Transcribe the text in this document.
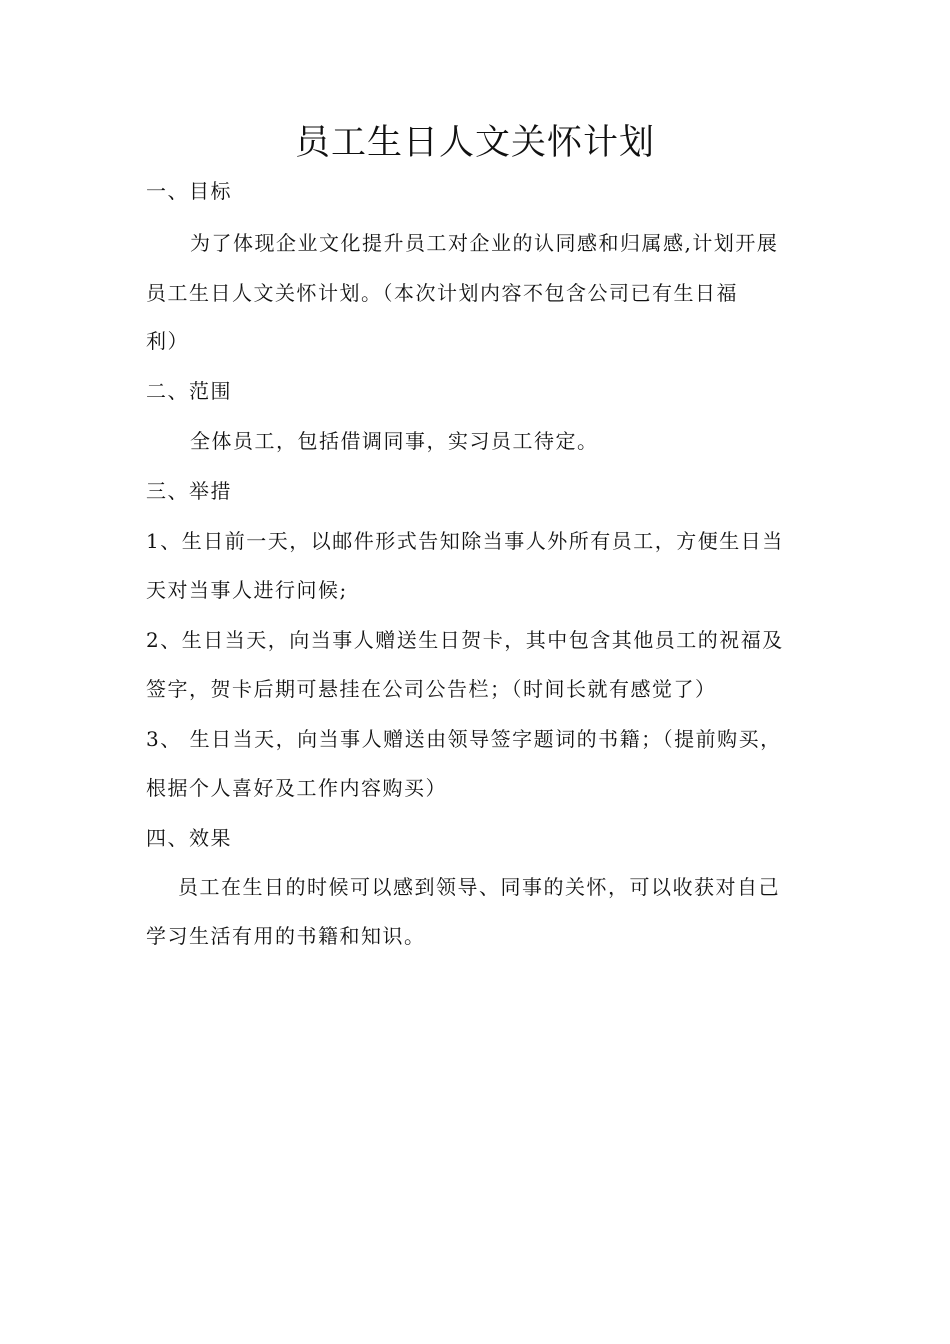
员工生日人文关怀计划

一、目标

为了体现企业文化提升员工对企业的认同感和归属感,计划开展

员工生日人文关怀计划。（本次计划内容不包含公司已有生日福

利）

二、范围

全体员工，包括借调同事，实习员工待定。

三、举措

1、生日前一天，以邮件形式告知除当事人外所有员工，方便生日当

天对当事人进行问候;

2、生日当天，向当事人赠送生日贺卡，其中包含其他员工的祝福及

签字，贺卡后期可悬挂在公司公告栏；（时间长就有感觉了）

3、 生日当天，向当事人赠送由领导签字题词的书籍；（提前购买，

根据个人喜好及工作内容购买）

四、效果

员工在生日的时候可以感到领导、同事的关怀，可以收获对自己

学习生活有用的书籍和知识。
